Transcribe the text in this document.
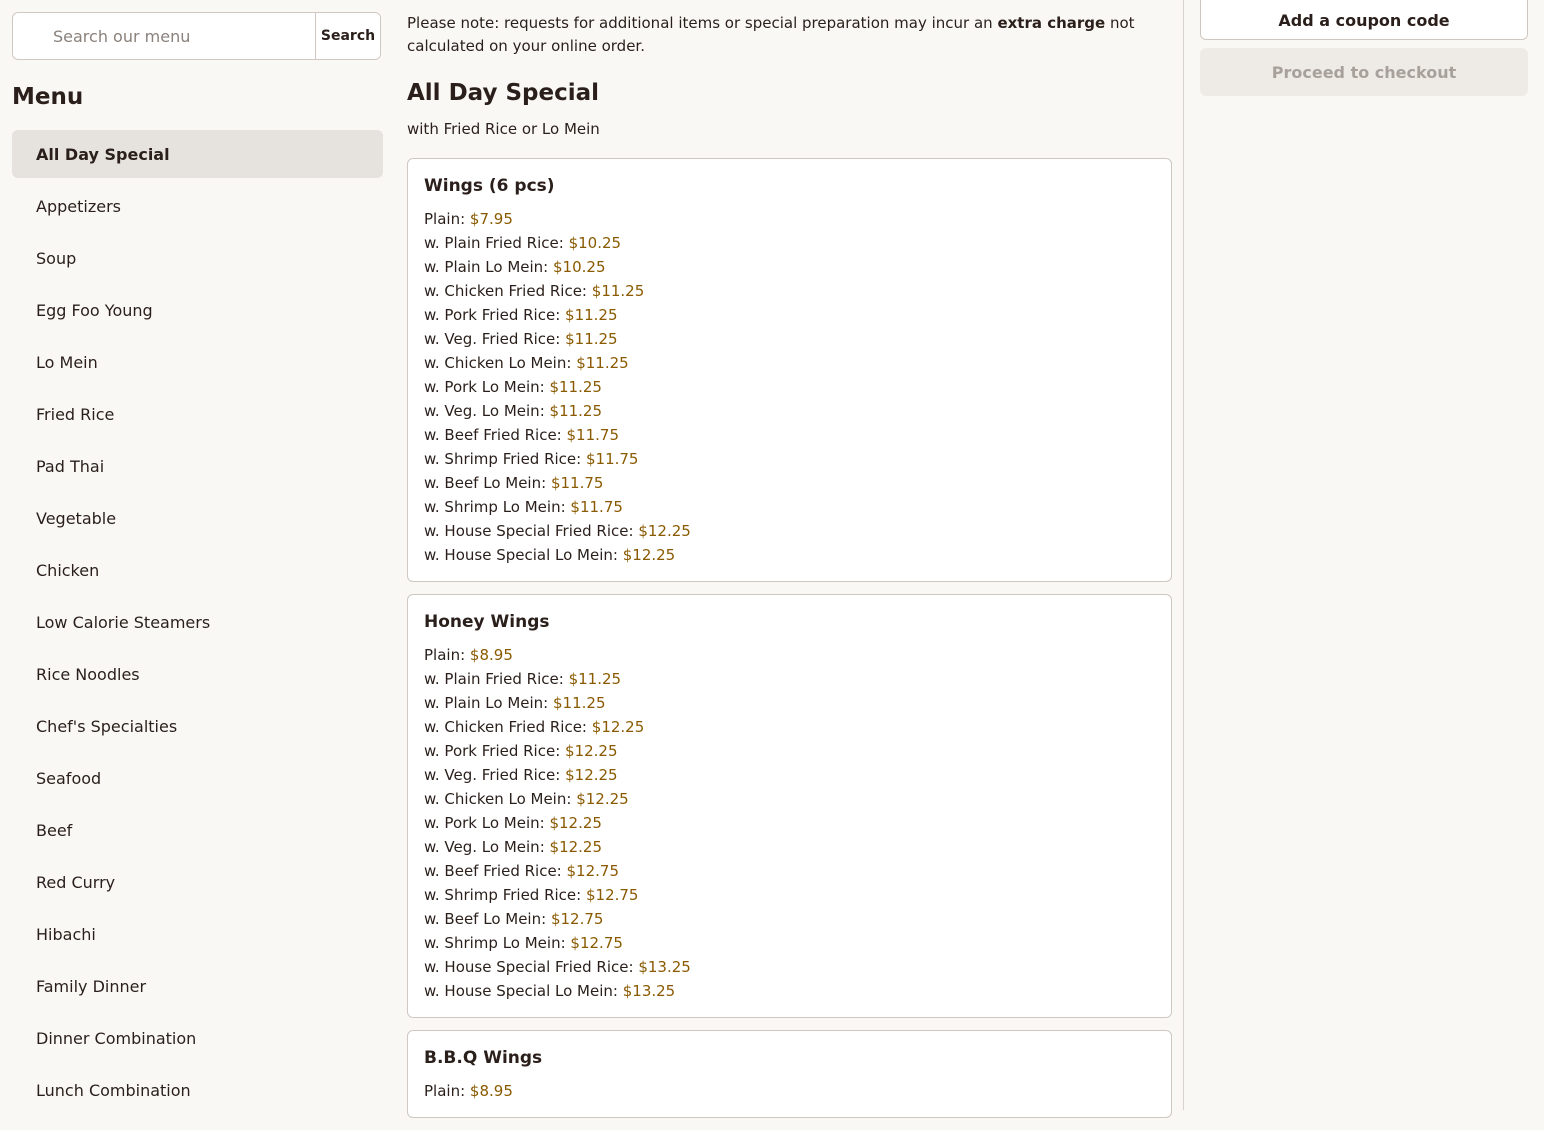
Search our menu
Search
Menu
All Day Special
Appetizers
Soup
Egg Foo Young
Lo Mein
Fried Rice
Pad Thai
Vegetable
Chicken
Low Calorie Steamers
Rice Noodles
Chef's Specialties
Seafood
Beef
Red Curry
Hibachi
Family Dinner
Dinner Combination
Lunch Combination
Please note: requests for additional items or special preparation may incur an extra charge not calculated on your online order.
All Day Special
with Fried Rice or Lo Mein
Wings (6 pcs)
Plain: $7.95
w. Plain Fried Rice: $10.25
w. Plain Lo Mein: $10.25
w. Chicken Fried Rice: $11.25
w. Pork Fried Rice: $11.25
w. Veg. Fried Rice: $11.25
w. Chicken Lo Mein: $11.25
w. Pork Lo Mein: $11.25
w. Veg. Lo Mein: $11.25
w. Beef Fried Rice: $11.75
w. Shrimp Fried Rice: $11.75
w. Beef Lo Mein: $11.75
w. Shrimp Lo Mein: $11.75
w. House Special Fried Rice: $12.25
w. House Special Lo Mein: $12.25
Honey Wings
Plain: $8.95
w. Plain Fried Rice: $11.25
w. Plain Lo Mein: $11.25
w. Chicken Fried Rice: $12.25
w. Pork Fried Rice: $12.25
w. Veg. Fried Rice: $12.25
w. Chicken Lo Mein: $12.25
w. Pork Lo Mein: $12.25
w. Veg. Lo Mein: $12.25
w. Beef Fried Rice: $12.75
w. Shrimp Fried Rice: $12.75
w. Beef Lo Mein: $12.75
w. Shrimp Lo Mein: $12.75
w. House Special Fried Rice: $13.25
w. House Special Lo Mein: $13.25
B.B.Q Wings
Plain: $8.95
Add a coupon code
Proceed to checkout
